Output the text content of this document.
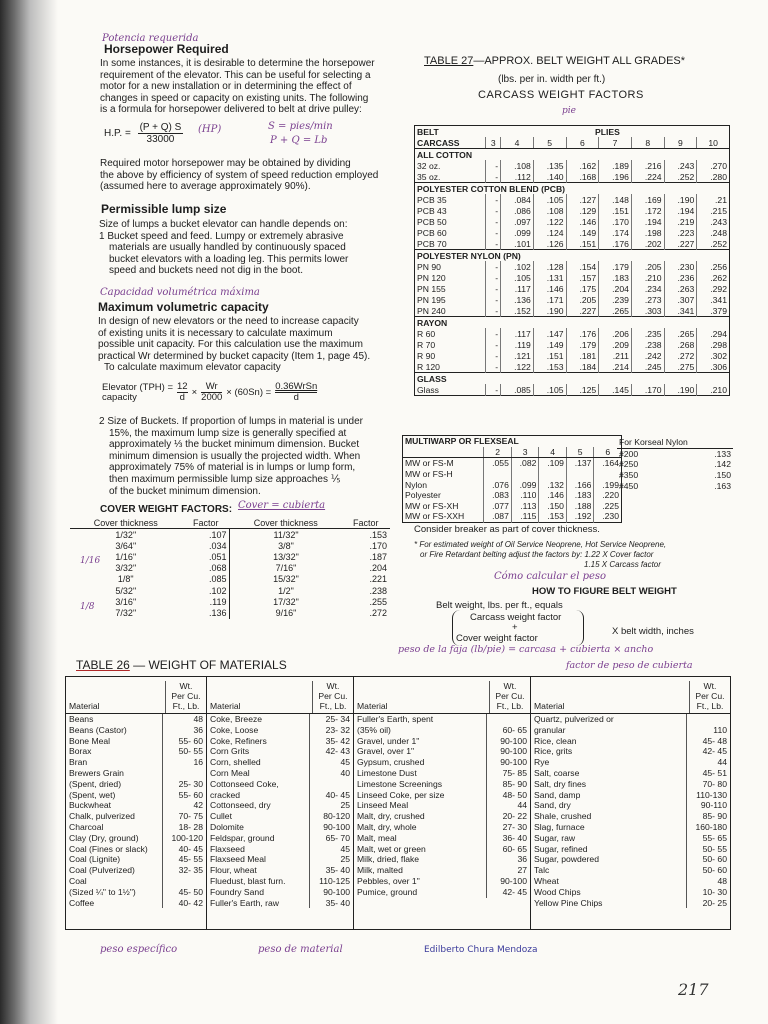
Potencia requerida
Horsepower Required

In some instances, it is desirable to determine the horsepower

requirement of the elevator. This can be useful for selecting a

motor for a new installation or in determining the effect of

changes in speed or capacity on existing units. The following

is a formula for horsepower delivered to belt at drive pulley:

H.P. = $\frac{(P + Q) S}{33000} (HP)$	S = pies/min
P + Q = Lb

Required motor horsepower may be obtained by dividing

the above by efficiency of system of speed reduction employed

(assumed here to average approximately 90%).

Permissible lump size

Size of lumps a bucket elevator can handle depends on:

1 Bucket speed and feed. Lumpy or extremely abrasive

materials are usually handled by continuously spaced

bucket elevators with a loading leg. This permits lower

speed and buckets need not dig in the boot.

Capacidad volumétrica máxima
Maximum volumetric capacity

In design of new elevators or the need to increase capacity

of existing units it is necessary to calculate maximum

possible unit capacity. For this calculation use the maximum

practical Wr determined by bucket capacity (Item 1, page 45).

To calculate maximum elevator capacity

Elevator (TPH) =
capacity	$\frac{12}{d} \times \frac{Wr}{2000} \times (60Sn)$ =
0.36WrSn
d

2 Size of Buckets. If proportion of lumps in material is under

15%, the maximum lump size is generally specified at

approximately ⅓ the bucket minimum dimension. Bucket

minimum dimension is usually the projected width. When

approximately 75% of material is in lumps or lump form,

then maximum permissible lump size approaches ⅕

of the bucket minimum dimension.

COVER WEIGHT FACTORS: Cover = cubierta
Cover thickness	Factor	Cover thickness	Factor
1/32"	.107	11/32"	.153
3/64"	.034	3/8"	.170
1/16"	.051	13/32"	.187
3/32"	.068	7/16"	.204
1/8"	.085	15/32"	.221
5/32"	.102	1/2"	.238
3/16"	.119	17/32"	.255
7/32"	.136	9/16"	.272
1/16
1/8
TABLE 27—APPROX. BELT WEIGHT ALL GRADES*
(lbs. per in. width per ft.)
CARCASS WEIGHT FACTORS
pie
BELT	PLIES							
CARCASS	3	4	5	6	7	8	9	10
ALL COTTON								
32 oz.	-	.108	.135	.162	.189	.216	.243	.270
35 oz.	-	.112	.140	.168	.196	.224	.252	.280
POLYESTER COTTON BLEND (PCB)								
PCB 35	-	.084	.105	.127	.148	.169	.190	.21
PCB 43	-	.086	.108	.129	.151	.172	.194	.215
PCB 50	-	.097	.122	.146	.170	.194	.219	.243
PCB 60	-	.099	.124	.149	.174	.198	.223	.248
PCB 70	-	.101	.126	.151	.176	.202	.227	.252
POLYESTER NYLON (PN)								
PN 90	-	.102	.128	.154	.179	.205	.230	.256
PN 120	-	.105	.131	.157	.183	.210	.236	.262
PN 155	-	.117	.146	.175	.204	.234	.263	.292
PN 195	-	.136	.171	.205	.239	.273	.307	.341
PN 240	-	.152	.190	.227	.265	.303	.341	.379
RAYON								
R 60	-	.117	.147	.176	.206	.235	.265	.294
R 70	-	.119	.149	.179	.209	.238	.268	.298
R 90	-	.121	.151	.181	.211	.242	.272	.302
R 120	-	.122	.153	.184	.214	.245	.275	.306
GLASS								
Glass	-	.085	.105	.125	.145	.170	.190	.210
MULTIWARP OR FLEXSEAL					
	2	3	4	5	6
MW or FS-M	.055	.082	.109	.137	.164
MW or FS-H					
Nylon	.076	.099	.132	.166	.199
Polyester	.083	.110	.146	.183	.220
MW or FS-XH	.077	.113	.150	.188	.225
MW or FS-XXH	.087	.115	.153	.192	.230
For Korseal Nylon	
#200	.133
#250	.142
#350	.150
#450	.163
Consider breaker as part of cover thickness.

* For estimated weight of Oil Service Neoprene, Hot Service Neoprene,

or Fire Retardant belting adjust the factors by: 1.22 X Cover factor

1.15 X Carcass factor

Cómo calcular el peso
HOW TO FIGURE BELT WEIGHT
Belt weight, lbs. per ft., equals
Carcass weight factor
+
Cover weight factor
X belt width, inches
peso de la faja (lb/pie) = carcasa + cubierta × ancho
factor de peso de cubierta
TABLE 26 — WEIGHT OF MATERIALS
Material
Wt.
Per Cu.
Ft., Lb.
Beans	48
Beans (Castor)	36
Bone Meal	55- 60
Borax	50- 55
Bran	16
Brewers Grain
(Spent, dried)	25- 30
(Spent, wet)	55- 60
Buckwheat	42
Chalk, pulverized	70- 75
Charcoal	18- 28
Clay (Dry, ground)	100-120
Coal (Fines or slack)	40- 45
Coal (Lignite)	45- 55
Coal (Pulverized)	32- 35
Coal
(Sized ¼" to 1½")	45- 50
Coffee	40- 42
Material
Wt.
Per Cu.
Ft., Lb.
Coke, Breeze	25- 34
Coke, Loose	23- 32
Coke, Refiners	35- 42
Corn Grits	42- 43
Corn, shelled	45
Corn Meal	40
Cottonseed Coke,
cracked	40- 45
Cottonseed, dry	25
Cullet	80-120
Dolomite	90-100
Feldspar, ground	65- 70
Flaxseed	45
Flaxseed Meal	25
Flour, wheat	35- 40
Fluedust, blast furn.	110-125
Foundry Sand	90-100
Fuller's Earth, raw	35- 40
Material
Wt.
Per Cu.
Ft., Lb.
Fuller's Earth, spent
(35% oil)	60- 65
Gravel, under 1"	90-100
Gravel, over 1"	90-100
Gypsum, crushed	90-100
Limestone Dust	75- 85
Limestone Screenings	85- 90
Linseed Coke, per size	48- 50
Linseed Meal	44
Malt, dry, crushed	20- 22
Malt, dry, whole	27- 30
Malt, meal	36- 40
Malt, wet or green	60- 65
Milk, dried, flake	36
Milk, malted	27
Pebbles, over 1"	90-100
Pumice, ground	42- 45
Material
Wt.
Per Cu.
Ft., Lb.
Quartz, pulverized or
granular	110
Rice, clean	45- 48
Rice, grits	42- 45
Rye	44
Salt, coarse	45- 51
Salt, dry fines	70- 80
Sand, damp	110-130
Sand, dry	90-110
Shale, crushed	85- 90
Slag, furnace	160-180
Sugar, raw	55- 65
Sugar, refined	50- 55
Sugar, powdered	50- 60
Talc	50- 60
Wheat	48
Wood Chips	10- 30
Yellow Pine Chips	20- 25
peso específico	peso de material	Edilberto Chura Mendoza
217
